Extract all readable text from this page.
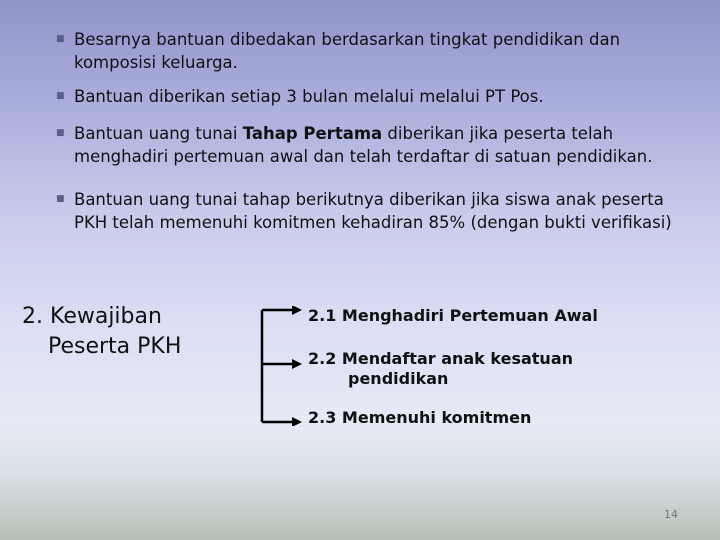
■ Besarnya bantuan dibedakan berdasarkan tingkat pendidikan dan komposisi keluarga.
■ Bantuan diberikan setiap 3 bulan melalui melalui PT Pos.
■ Bantuan uang tunai Tahap Pertama diberikan jika peserta telah menghadiri pertemuan awal dan telah terdaftar di satuan pendidikan.
■ Bantuan uang tunai tahap berikutnya diberikan jika siswa anak peserta PKH telah memenuhi komitmen kehadiran 85% (dengan bukti verifikasi)
2. Kewajiban
Peserta PKH
2.1 Menghadiri Pertemuan Awal
2.2 Mendaftar anak kesatuan
pendidikan
2.3 Memenuhi komitmen
14
